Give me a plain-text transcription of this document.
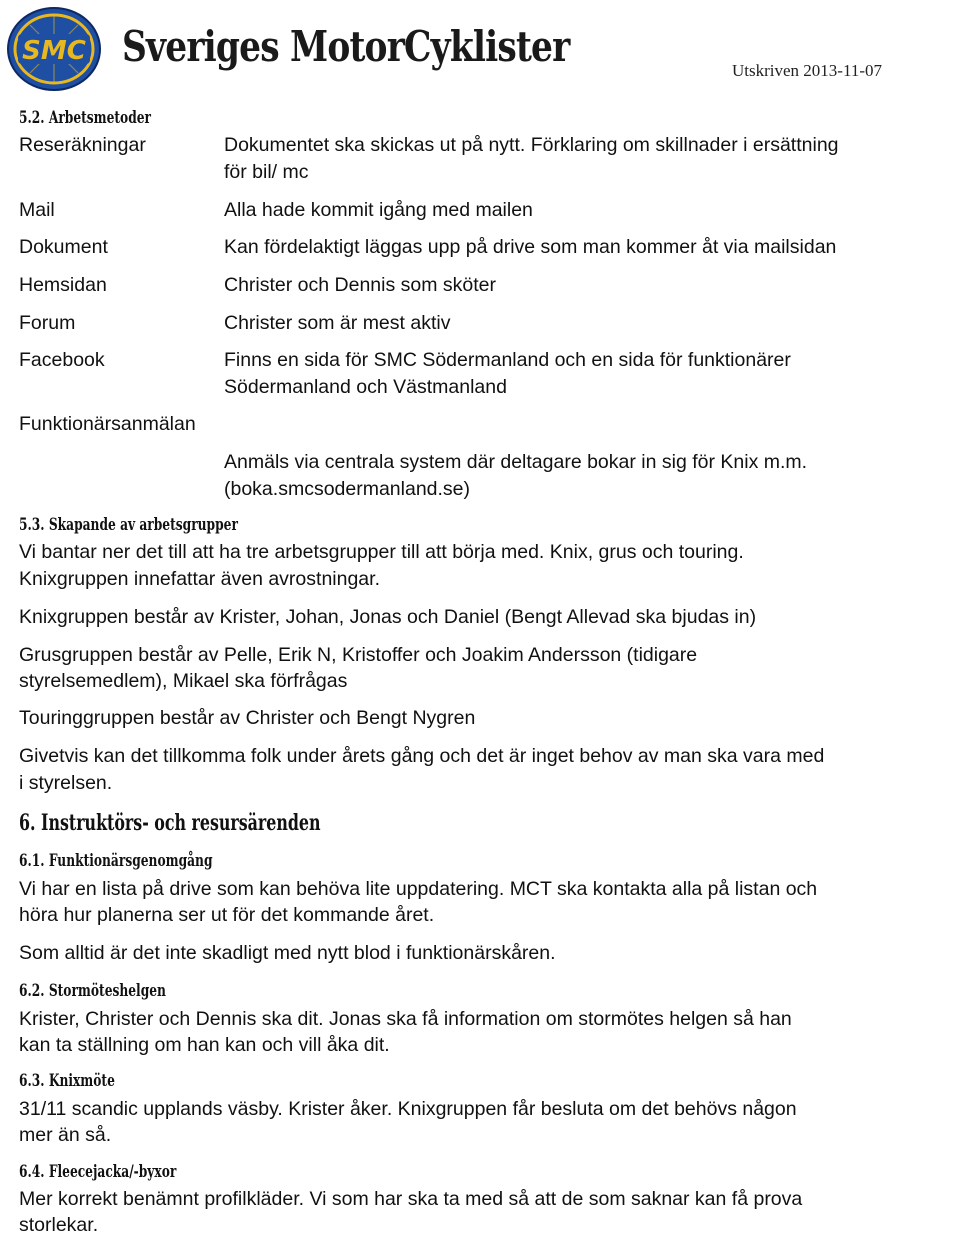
SMC Sveriges MotorCyklister	Utskriven 2013-11-07
5.2. Arbetsmetoder
Reseräkningar	Dokumentet ska skickas ut på nytt. Förklaring om skillnader i ersättning
för bil/ mc
Mail	Alla hade kommit igång med mailen
Dokument	Kan fördelaktigt läggas upp på drive som man kommer åt via mailsidan
Hemsidan	Christer och Dennis som sköter
Forum	Christer som är mest aktiv
Facebook	Finns en sida för SMC Södermanland och en sida för funktionärer
Södermanland och Västmanland
Funktionärsanmälan
Anmäls via centrala system där deltagare bokar in sig för Knix m.m.
(boka.smcsodermanland.se)
5.3. Skapande av arbetsgrupper
Vi bantar ner det till att ha tre arbetsgrupper till att börja med. Knix, grus och touring.
Knixgruppen innefattar även avrostningar.
Knixgruppen består av Krister, Johan, Jonas och Daniel (Bengt Allevad ska bjudas in)
Grusgruppen består av Pelle, Erik N, Kristoffer och Joakim Andersson (tidigare
styrelsemedlem), Mikael ska förfrågas
Touringgruppen består av Christer och Bengt Nygren
Givetvis kan det tillkomma folk under årets gång och det är inget behov av man ska vara med
i styrelsen.
6. Instruktörs- och resursärenden
6.1. Funktionärsgenomgång
Vi har en lista på drive som kan behöva lite uppdatering. MCT ska kontakta alla på listan och
höra hur planerna ser ut för det kommande året.
Som alltid är det inte skadligt med nytt blod i funktionärskåren.
6.2. Stormöteshelgen
Krister, Christer och Dennis ska dit. Jonas ska få information om stormötes helgen så han
kan ta ställning om han kan och vill åka dit.
6.3. Knixmöte
31/11 scandic upplands väsby. Krister åker. Knixgruppen får besluta om det behövs någon
mer än så.
6.4. Fleecejacka/-byxor
Mer korrekt benämnt profilkläder. Vi som har ska ta med så att de som saknar kan få prova
storlekar.
